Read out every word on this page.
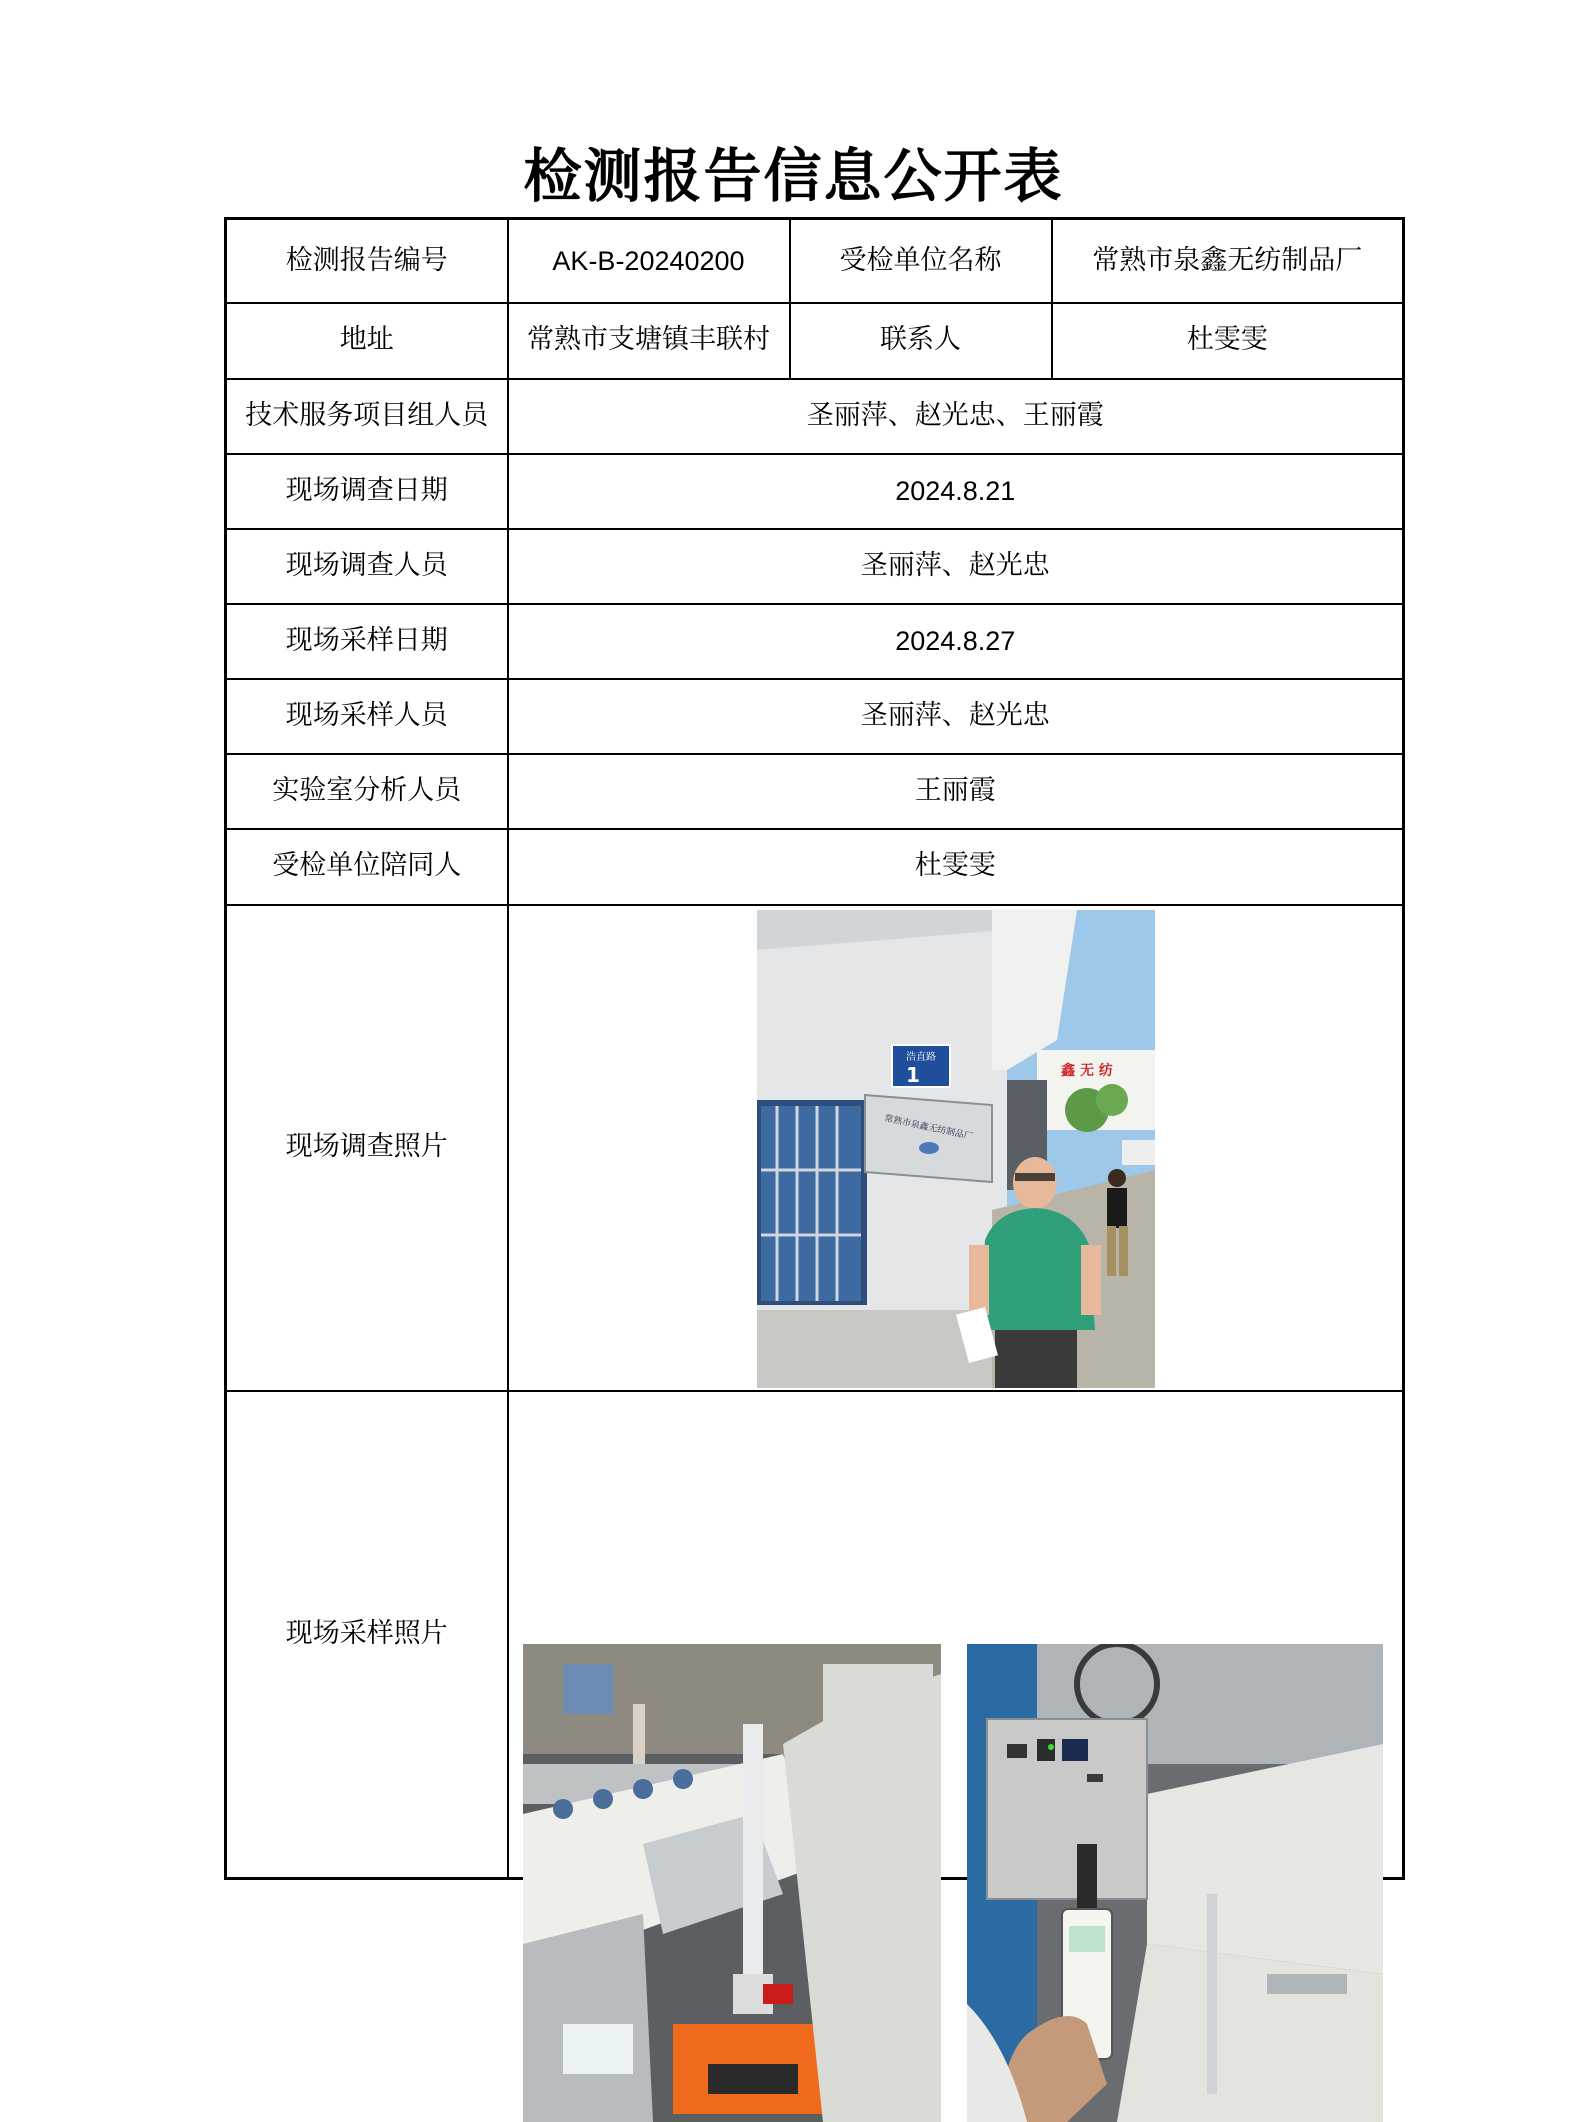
检测报告信息公开表
检测报告编号	AK-B-20240200	受检单位名称	常熟市泉鑫无纺制品厂
地址	常熟市支塘镇丰联村	联系人	杜雯雯
技术服务项目组人员	圣丽萍、赵光忠、王丽霞		
现场调查日期	2024.8.21		
现场调查人员	圣丽萍、赵光忠		
现场采样日期	2024.8.27		
现场采样人员	圣丽萍、赵光忠		
实验室分析人员	王丽霞		
受检单位陪同人	杜雯雯		
现场调查照片	浩直路
1
常熟市泉鑫无纺制品厂
鑫 无 纺		

现场采样照片	
